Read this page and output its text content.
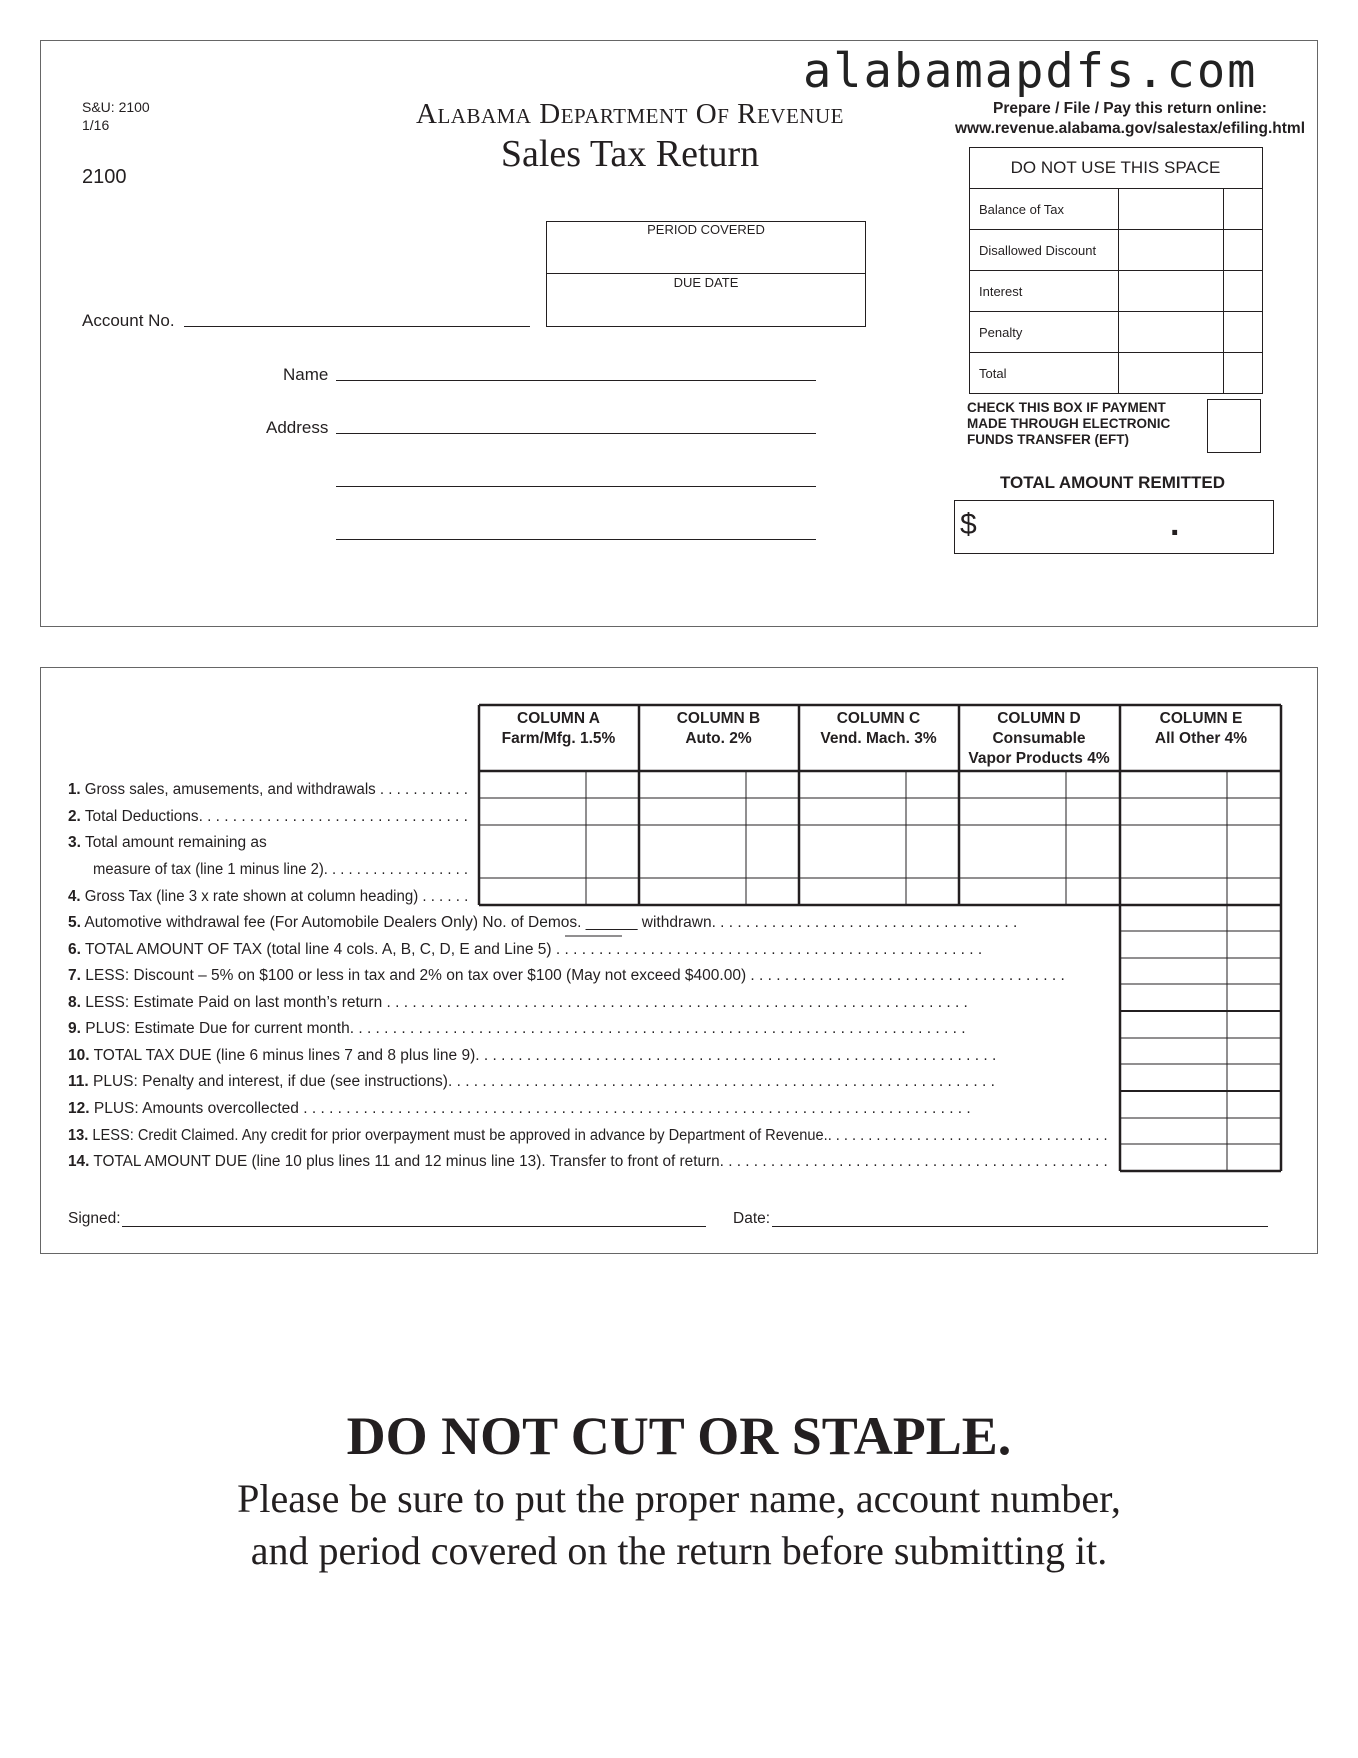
alabamapdfs.com
S&U: 2100
1/16
2100
ALABAMA DEPARTMENT OF REVENUE
Sales Tax Return
Prepare / File / Pay this return online:
www.revenue.alabama.gov/salestax/efiling.html
PERIOD COVERED
DUE DATE
Account No.
Name
Address
DO NOT USE THIS SPACE		
Balance of Tax		
Disallowed Discount		
Interest		
Penalty		
Total		
CHECK THIS BOX IF PAYMENT
MADE THROUGH ELECTRONIC
FUNDS TRANSFER (EFT)
TOTAL AMOUNT REMITTED
$	.
COLUMN A
Farm/Mfg. 1.5%
COLUMN B
Auto. 2%
COLUMN C
Vend. Mach. 3%
COLUMN D
Consumable
Vapor Products 4%
COLUMN E
All Other 4%
1. Gross sales, amusements, and withdrawals . . . . . . . . . . .
2. Total Deductions. . . . . . . . . . . . . . . . . . . . . . . . . . . . . . . .
3. Total amount remaining as
measure of tax (line 1 minus line 2). . . . . . . . . . . . . . . . . .
4. Gross Tax (line 3 x rate shown at column heading) . . . . . .
5. Automotive withdrawal fee (For Automobile Dealers Only) No. of Demos. ______ withdrawn. . . . . . . . . . . . . . . . . . . . . . . . . . . . . . . . . . . .
6. TOTAL AMOUNT OF TAX (total line 4 cols. A, B, C, D, E and Line 5) . . . . . . . . . . . . . . . . . . . . . . . . . . . . . . . . . . . . . . . . . . . . . . . . . .
7. LESS: Discount – 5% on $100 or less in tax and 2% on tax over $100 (May not exceed $400.00) . . . . . . . . . . . . . . . . . . . . . . . . . . . . . . . . . . . . .
8. LESS: Estimate Paid on last month’s return . . . . . . . . . . . . . . . . . . . . . . . . . . . . . . . . . . . . . . . . . . . . . . . . . . . . . . . . . . . . . . . . . . . .
9. PLUS: Estimate Due for current month. . . . . . . . . . . . . . . . . . . . . . . . . . . . . . . . . . . . . . . . . . . . . . . . . . . . . . . . . . . . . . . . . . . . . . . .
10. TOTAL TAX DUE (line 6 minus lines 7 and 8 plus line 9). . . . . . . . . . . . . . . . . . . . . . . . . . . . . . . . . . . . . . . . . . . . . . . . . . . . . . . . . . . . .
11. PLUS: Penalty and interest, if due (see instructions). . . . . . . . . . . . . . . . . . . . . . . . . . . . . . . . . . . . . . . . . . . . . . . . . . . . . . . . . . . . . . . .
12. PLUS: Amounts overcollected . . . . . . . . . . . . . . . . . . . . . . . . . . . . . . . . . . . . . . . . . . . . . . . . . . . . . . . . . . . . . . . . . . . . . . . . . . . . . .
13. LESS: Credit Claimed. Any credit for prior overpayment must be approved in advance by Department of Revenue.. . . . . . . . . . . . . . . . . . . . . . . . . . . . . . . . . . .
14. TOTAL AMOUNT DUE (line 10 plus lines 11 and 12 minus line 13). Transfer to front of return. . . . . . . . . . . . . . . . . . . . . . . . . . . . . . . . . . . . . . . . . . . . . .
Signed:	Date:
DO NOT CUT OR STAPLE.
Please be sure to put the proper name, account number,
and period covered on the return before submitting it.
